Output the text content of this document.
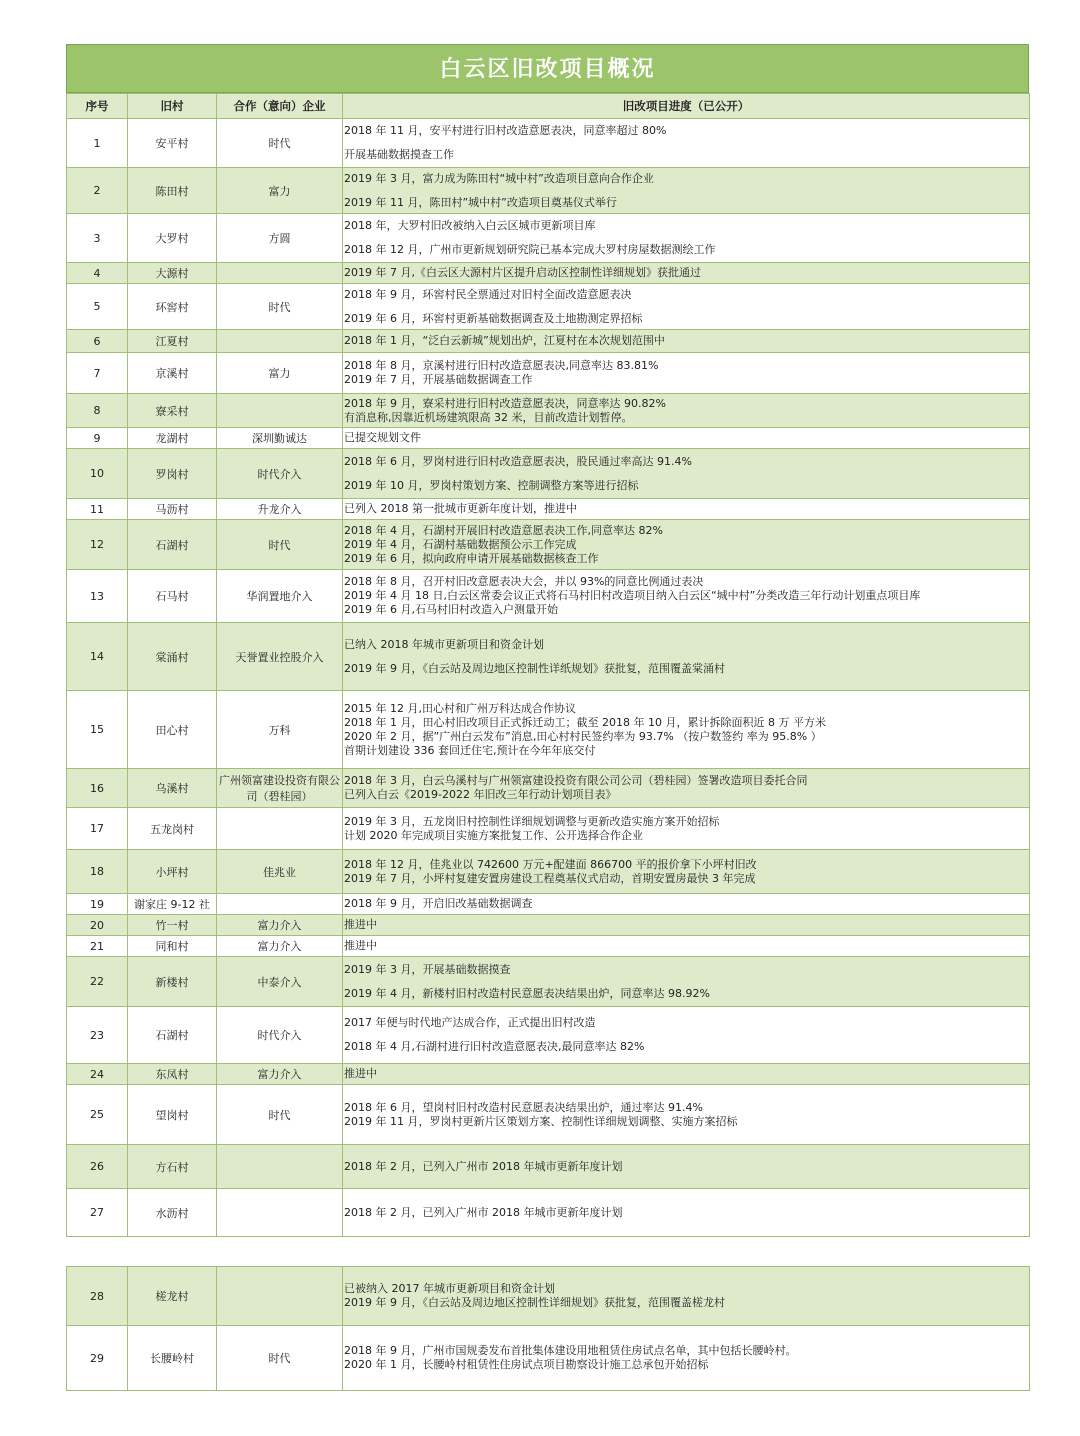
白云区旧改项目概况
序号	旧村	合作（意向）企业	旧改项目进度（已公开）
1	安平村	时代	2018 年 11 月，安平村进行旧村改造意愿表决，同意率超过 80%
开展基础数据摸查工作

2	陈田村	富力	2019 年 3 月，富力成为陈田村“城中村”改造项目意向合作企业
2019 年 11 月，陈田村”城中村”改造项目奠基仪式举行

3	大罗村	方圆	2018 年，大罗村旧改被纳入白云区城市更新项目库
2018 年 12 月，广州市更新规划研究院已基本完成大罗村房屋数据测绘工作

4	大源村		2019 年 7 月,《白云区大源村片区提升启动区控制性详细规划》获批通过

5	环窖村	时代	2018 年 9 月，环窖村民全票通过对旧村全面改造意愿表决
2019 年 6 月，环窖村更新基础数据调查及土地勘测定界招标

6	江夏村		2018 年 1 月，“泛白云新城”规划出炉，江夏村在本次规划范围中

7	京溪村	富力	2018 年 8 月，京溪村进行旧村改造意愿表决,同意率达 83.81%
2019 年 7 月，开展基础数据调查工作

8	寮采村		2018 年 9 月，寮采村进行旧村改造意愿表决，同意率达 90.82%
有消息称,因靠近机场建筑限高 32 米，目前改造计划暂停。

9	龙湖村	深圳勤诚达	已提交规划文件

10	罗岗村	时代介入	2018 年 6 月，罗岗村进行旧村改造意愿表决，股民通过率高达 91.4%
2019 年 10 月，罗岗村策划方案、控制调整方案等进行招标

11	马沥村	升龙介入	已列入 2018 第一批城市更新年度计划，推进中

12	石湖村	时代	2018 年 4 月，石湖村开展旧村改造意愿表决工作,同意率达 82%
2019 年 4 月，石湖村基础数据预公示工作完成
2019 年 6 月，拟向政府申请开展基础数据核查工作

13	石马村	华润置地介入	2018 年 8 月，召开村旧改意愿表决大会，并以 93%的同意比例通过表决
2019 年 4 月 18 日,白云区常委会议正式将石马村旧村改造项目纳入白云区“城中村”分类改造三年行动计划重点项目库
2019 年 6 月,石马村旧村改造入户测量开始

14	棠涌村	天誉置业控股介入	已纳入 2018 年城市更新项目和资金计划
2019 年 9 月，《白云站及周边地区控制性详纸规划》获批复，范围覆盖棠涌村

15	田心村	万科	2015 年 12 月,田心村和广州万科达成合作协议
2018 年 1 月，田心村旧改项目正式拆迁动工；截至 2018 年 10 月，累计拆除面积近 8 万 平方米
2020 年 2 月，据”广州白云发布”消息,田心村村民签约率为 93.7% （按户数签约 率为 95.8% ）
首期计划建设 336 套回迁住宅,预计在今年年底交付

16	乌溪村	广州领富建设投资有限公司（碧桂园）	2018 年 3 月，白云乌溪村与广州领富建设投资有限公司公司（碧桂园）签署改造项目委托合同
已列入白云《2019-2022 年旧改三年行动计划项目表》

17	五龙岗村		2019 年 3 月，五龙岗旧村控制性详细规划调整与更新改造实施方案开始招标
计划 2020 年完成项目实施方案批复工作、公开选择合作企业

18	小坪村	佳兆业	2018 年 12 月，佳兆业以 742600 万元+配建面 866700 平的报价拿下小坪村旧改
2019 年 7 月，小坪村复建安置房建设工程奠基仪式启动，首期安置房最快 3 年完成

19	谢家庄 9-12 社		2018 年 9 月，开启旧改基础数据调查

20	竹一村	富力介入	推进中

21	同和村	富力介入	推进中

22	新楼村	中泰介入	2019 年 3 月，开展基础数据摸查
2019 年 4 月，新楼村旧村改造村民意愿表决结果出炉，同意率达 98.92%

23	石湖村	时代介入	2017 年便与时代地产达成合作，正式提出旧村改造
2018 年 4 月,石湖村进行旧村改造意愿表决,最同意率达 82%

24	东凤村	富力介入	推进中

25	望岗村	时代	2018 年 6 月，望岗村旧村改造村民意愿表决结果出炉，通过率达 91.4%
2019 年 11 月，罗岗村更新片区策划方案、控制性详细规划调整、实施方案招标

26	方石村		2018 年 2 月，已列入广州市 2018 年城市更新年度计划

27	水沥村		2018 年 2 月，已列入广州市 2018 年城市更新年度计划
28	槎龙村		已被纳入 2017 年城市更新项目和资金计划
2019 年 9 月，《白云站及周边地区控制性详细规划》获批复，范围覆盖槎龙村

29	长腰岭村	时代	2018 年 9 月，广州市国规委发布首批集体建设用地租赁住房试点名单，其中包括长腰岭村。
2020 年 1 月，长腰岭村租赁性住房试点项目勘察设计施工总承包开始招标
